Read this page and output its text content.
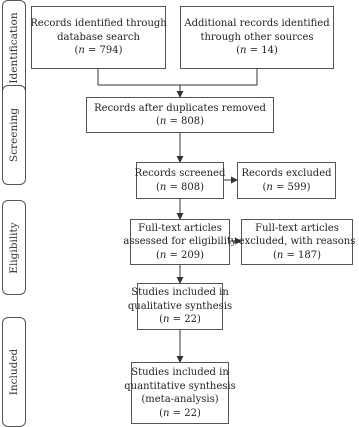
Identification
Screening
Eligibility
Included
Records identified through
database search
(n = 794)
Additional records identified
through other sources
(n = 14)
Records after duplicates removed
(n = 808)
Records screened
(n = 808)
Records excluded
(n = 599)
Full-text articles
assessed for eligibility
(n = 209)
Full-text articles
excluded, with reasons
(n = 187)
Studies included in
qualitative synthesis
(n = 22)
Studies included in
quantitative synthesis
(meta-analysis)
(n = 22)
